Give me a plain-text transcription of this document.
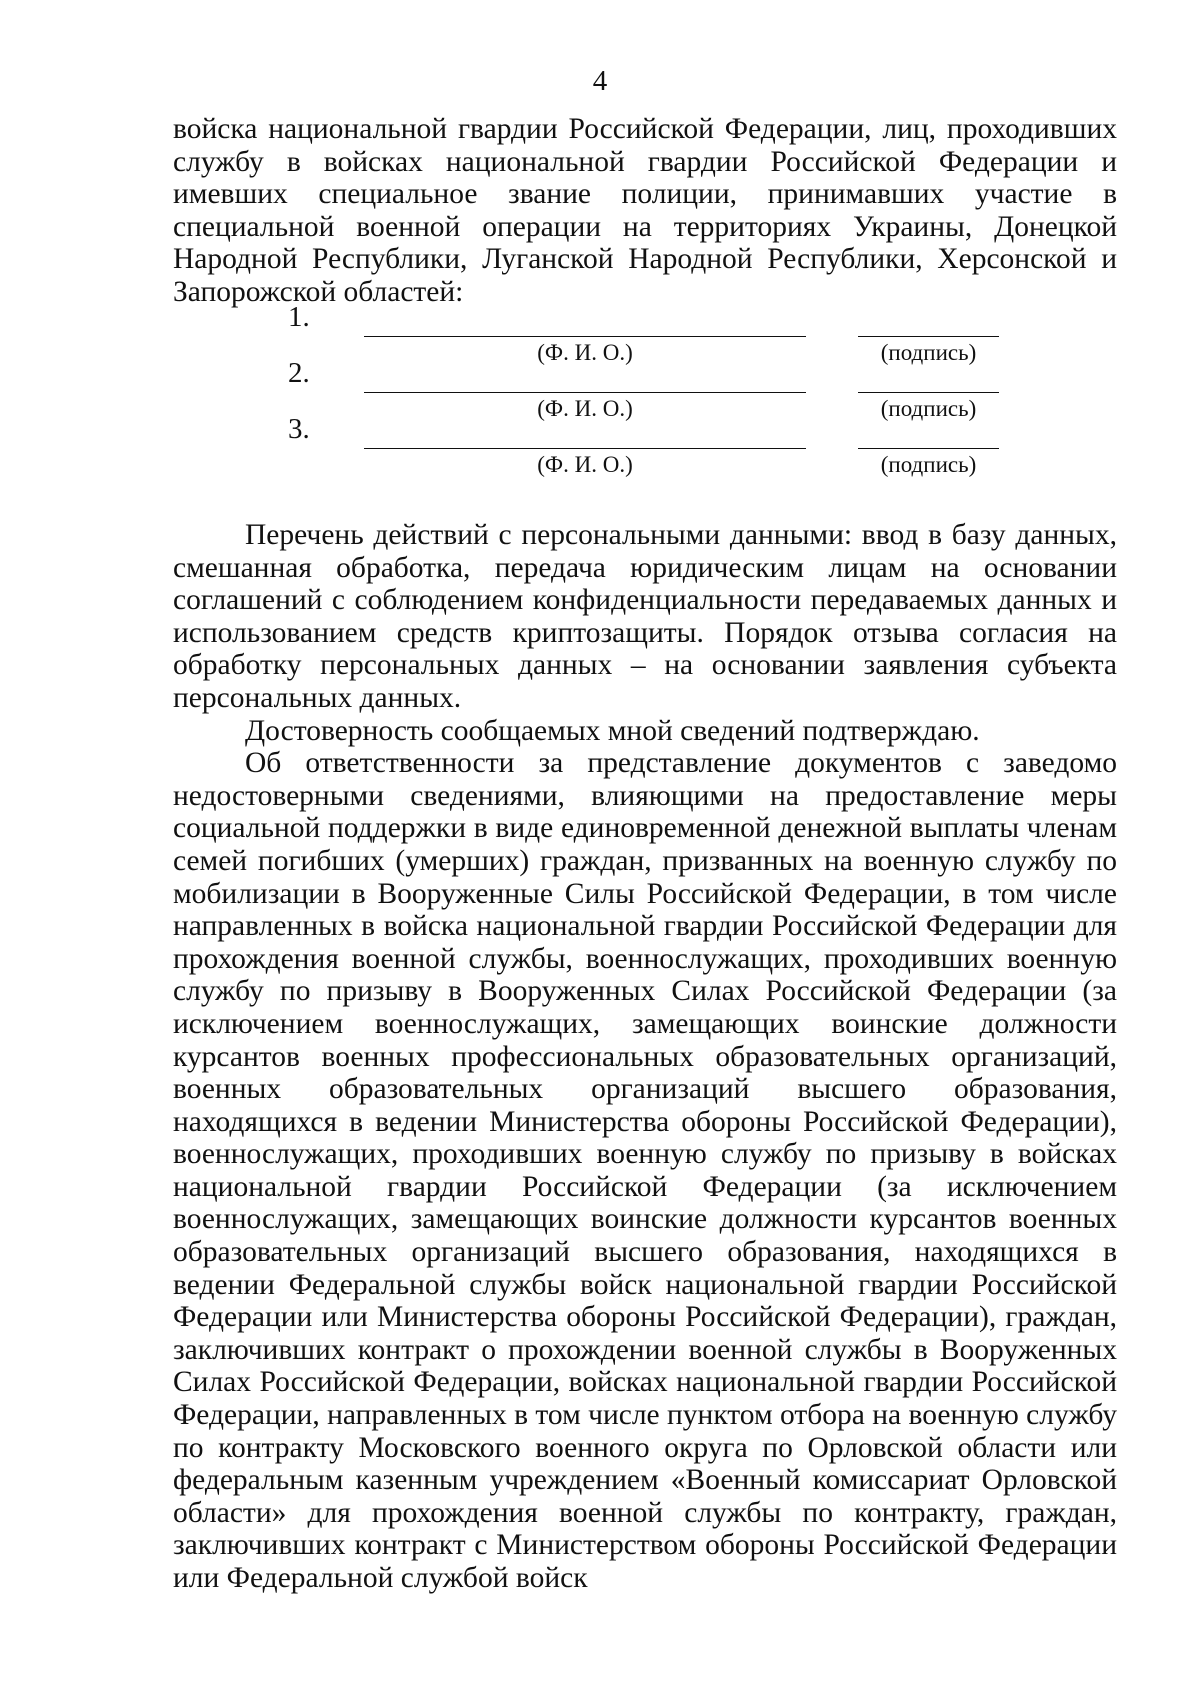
4

войска национальной гвардии Российской Федерации, лиц, проходивших службу в войсках национальной гвардии Российской Федерации и имевших специальное звание полиции, принимавших участие в специальной военной операции на территориях Украины, Донецкой Народной Республики, Луганской Народной Республики, Херсонской и Запорожской областей:

1.
(Ф. И. О.)	(подпись)
2.
(Ф. И. О.)	(подпись)
3.
(Ф. И. О.)	(подпись)

Перечень действий с персональными данными: ввод в базу данных, смешанная обработка, передача юридическим лицам на основании соглашений с соблюдением конфиденциальности передаваемых данных и использованием средств криптозащиты. Порядок отзыва согласия на обработку персональных данных – на основании заявления субъекта персональных данных.

Достоверность сообщаемых мной сведений подтверждаю.

Об ответственности за представление документов с заведомо недостоверными сведениями, влияющими на предоставление меры социальной поддержки в виде единовременной денежной выплаты членам семей погибших (умерших) граждан, призванных на военную службу по мобилизации в Вооруженные Силы Российской Федерации, в том числе направленных в войска национальной гвардии Российской Федерации для прохождения военной службы, военнослужащих, проходивших военную службу по призыву в Вооруженных Силах Российской Федерации (за исключением военнослужащих, замещающих воинские должности курсантов военных профессиональных образовательных организаций, военных образовательных организаций высшего образования, находящихся в ведении Министерства обороны Российской Федерации), военнослужащих, проходивших военную службу по призыву в войсках национальной гвардии Российской Федерации (за исключением военнослужащих, замещающих воинские должности курсантов военных образовательных организаций высшего образования, находящихся в ведении Федеральной службы войск национальной гвардии Российской Федерации или Министерства обороны Российской Федерации), граждан, заключивших контракт о прохождении военной службы в Вооруженных Силах Российской Федерации, войсках национальной гвардии Российской Федерации, направленных в том числе пунктом отбора на военную службу по контракту Московского военного округа по Орловской области или федеральным казенным учреждением «Военный комиссариат Орловской области» для прохождения военной службы по контракту, граждан, заключивших контракт с Министерством обороны Российской Федерации или Федеральной службой войск
